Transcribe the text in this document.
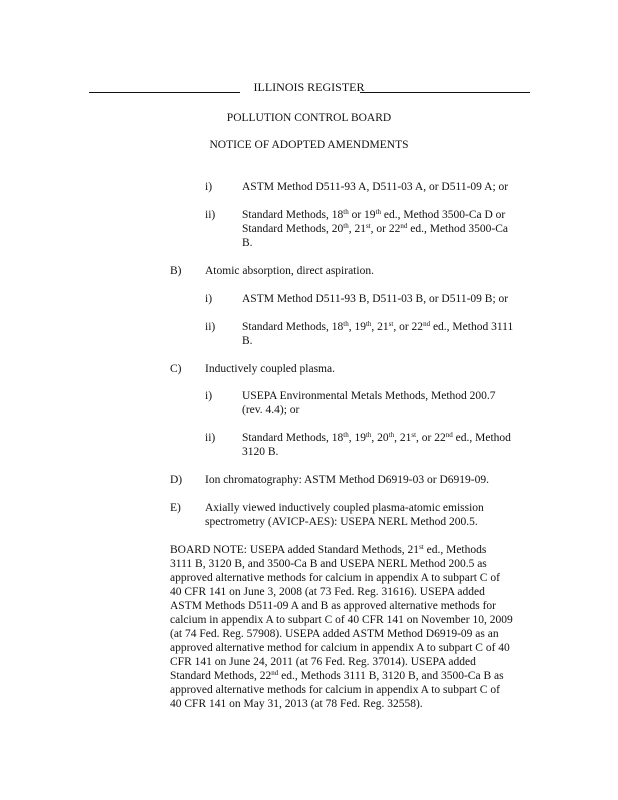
ILLINOIS REGISTER
POLLUTION CONTROL BOARD
NOTICE OF ADOPTED AMENDMENTS
i)
ii)
B)
i)
ii)
C)
i)
ii)
D)
E)
ASTM Method D511-93 A, D511-03 A, or D511-09 A; or
Standard Methods, 18th or 19th ed., Method 3500-Ca D or
Standard Methods, 20th, 21st, or 22nd ed., Method 3500-Ca
B.
Atomic absorption, direct aspiration.
ASTM Method D511-93 B, D511-03 B, or D511-09 B; or
Standard Methods, 18th, 19th, 21st, or 22nd ed., Method 3111
B.
Inductively coupled plasma.
USEPA Environmental Metals Methods, Method 200.7
(rev. 4.4); or
Standard Methods, 18th, 19th, 20th, 21st, or 22nd ed., Method
3120 B.
Ion chromatography: ASTM Method D6919-03 or D6919-09.
Axially viewed inductively coupled plasma-atomic emission
spectrometry (AVICP-AES): USEPA NERL Method 200.5.
BOARD NOTE: USEPA added Standard Methods, 21st ed., Methods
3111 B, 3120 B, and 3500-Ca B and USEPA NERL Method 200.5 as
approved alternative methods for calcium in appendix A to subpart C of
40 CFR 141 on June 3, 2008 (at 73 Fed. Reg. 31616). USEPA added
ASTM Methods D511-09 A and B as approved alternative methods for
calcium in appendix A to subpart C of 40 CFR 141 on November 10, 2009
(at 74 Fed. Reg. 57908). USEPA added ASTM Method D6919-09 as an
approved alternative method for calcium in appendix A to subpart C of 40
CFR 141 on June 24, 2011 (at 76 Fed. Reg. 37014). USEPA added
Standard Methods, 22nd ed., Methods 3111 B, 3120 B, and 3500-Ca B as
approved alternative methods for calcium in appendix A to subpart C of
40 CFR 141 on May 31, 2013 (at 78 Fed. Reg. 32558).
